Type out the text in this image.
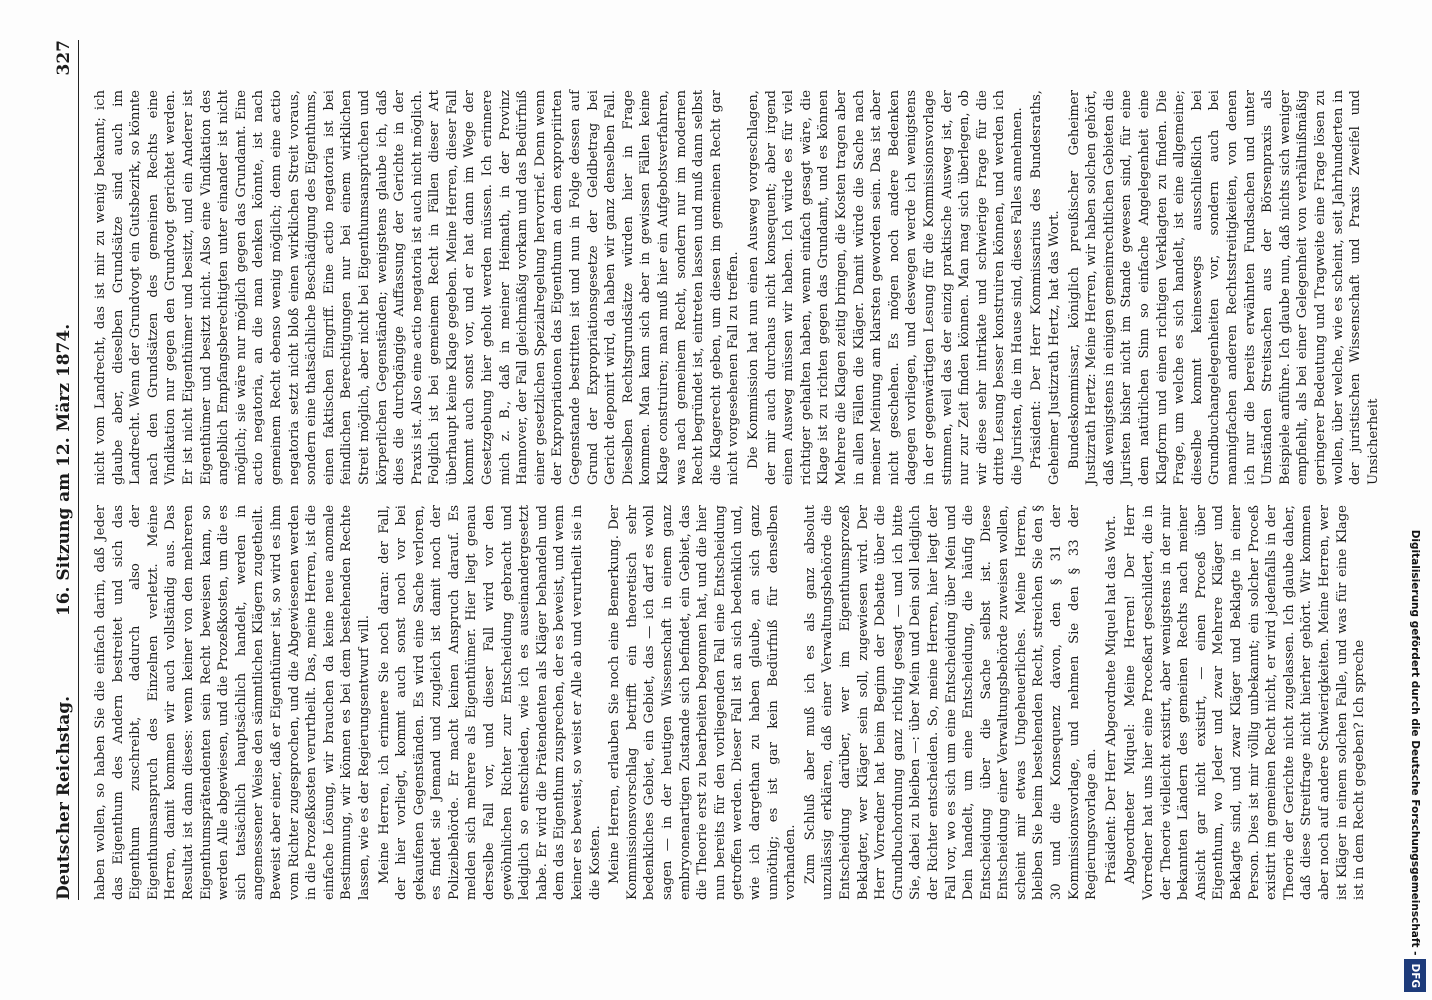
Deutscher Reichstag.
16. Sitzung am 12. März 1874.
327

haben wollen, so haben Sie die einfach darin, daß Jeder das Eigenthum des Andern bestreitet und sich das Eigenthum zuschreibt, dadurch also der Eigenthumsanspruch des Einzelnen verletzt. Meine Herren, damit kommen wir auch vollständig aus. Das Resultat ist dann dieses: wenn keiner von den mehreren Eigenthumsprätendenten sein Recht beweisen kann, so werden Alle abgewiesen, und die Prozeßkosten, um die es sich tatsächlich hauptsächlich handelt, werden in angemessener Weise den sämmtlichen Klägern zugetheilt. Beweist aber einer, daß er Eigenthümer ist, so wird es ihm vom Richter zugesprochen, und die Abgewiesenen werden in die Prozeßkosten verurtheilt. Das, meine Herren, ist die einfache Lösung, wir brauchen da keine neue anomale Bestimmung, wir können es bei dem bestehenden Rechte lassen, wie es der Regierungsentwurf will. Meine Herren, ich erinnere Sie noch daran: der Fall, der hier vorliegt, kommt auch sonst noch vor bei gekaufenen Gegenständen. Es wird eine Sache verloren, es findet sie Jemand und zugleich ist damit noch der Polizeibehörde. Er macht keinen Anspruch darauf. Es melden sich mehrere als Eigenthümer. Hier liegt genau derselbe Fall vor, und dieser Fall wird vor den gewöhnlichen Richter zur Entscheidung gebracht und lediglich so entschieden, wie ich es auseinandergesetzt habe. Er wird die Prätendenten als Kläger behandeln und dem das Eigenthum zusprechen, der es beweist, und wenn keiner es beweist, so weist er Alle ab und verurtheilt sie in die Kosten. Meine Herren, erlauben Sie noch eine Bemerkung. Der Kommissionsvorschlag betrifft ein theoretisch sehr bedenkliches Gebiet, ein Gebiet, das — ich darf es wohl sagen — in der heutigen Wissenschaft in einem ganz embryonenartigen Zustande sich befindet, ein Gebiet, das die Theorie erst zu bearbeiten begonnen hat, und die hier nun bereits für den vorliegenden Fall eine Entscheidung getroffen werden. Dieser Fall ist an sich bedenklich und, wie ich dargethan zu haben glaube, an sich ganz unnöthig; es ist gar kein Bedürfniß für denselben vorhanden. Zum Schluß aber muß ich es als ganz absolut unzulässig erklären, daß einer Verwaltungsbehörde die Entscheidung darüber, wer im Eigenthumsprozeß Beklagter, wer Kläger sein soll, zugewiesen wird. Der Herr Vorredner hat beim Beginn der Debatte über die Grundbuchordnung ganz richtig gesagt — und ich bitte Sie, dabei zu bleiben —: über Mein und Dein soll lediglich der Richter entscheiden. So, meine Herren, hier liegt der Fall vor, wo es sich um eine Entscheidung über Mein und Dein handelt, um eine Entscheidung, die häufig die Entscheidung über die Sache selbst ist. Diese Entscheidung einer Verwaltungsbehörde zuweisen wollen, scheint mir etwas Ungeheuerliches. Meine Herren, bleiben Sie beim bestehenden Recht, streichen Sie den § 30 und die Konsequenz davon, den § 31 der Kommissionsvorlage, und nehmen Sie den § 33 der Regierungsvorlage an. Präsident: Der Herr Abgeordnete Miquel hat das Wort. Abgeordneter Miquel: Meine Herren! Der Herr Vorredner hat uns hier eine Proceßart geschildert, die in der Theorie vielleicht existirt, aber wenigstens in der mir bekannten Ländern des gemeinen Rechts nach meiner Ansicht gar nicht existirt, — einen Proceß über Eigenthum, wo Jeder und zwar Mehrere Kläger und Beklagte sind, und zwar Kläger und Beklagte in einer Person. Dies ist mir völlig unbekannt; ein solcher Proceß existirt im gemeinen Recht nicht, er wird jedenfalls in der Theorie der Gerichte nicht zugelassen. Ich glaube daher, daß diese Streitfrage nicht hierher gehört. Wir kommen aber noch auf andere Schwierigkeiten. Meine Herren, wer ist Kläger in einem solchen Falle, und was für eine Klage ist in dem Recht gegeben? Ich spreche

nicht vom Landrecht, das ist mir zu wenig bekannt; ich glaube aber, dieselben Grundsätze sind auch im Landrecht. Wenn der Grundvogt ein Gutsbezirk, so könnte nach den Grundsätzen des gemeinen Rechts eine Vindikation nur gegen den Grundvogt gerichtet werden. Er ist nicht Eigenthümer und besitzt, und ein Anderer ist Eigenthümer und besitzt nicht. Also eine Vindikation des angeblich Empfangsberechtigten unter einander ist nicht möglich; sie wäre nur möglich gegen das Grundamt. Eine actio negatoria, an die man denken könnte, ist nach gemeinem Recht ebenso wenig möglich; denn eine actio negatoria setzt nicht bloß einen wirklichen Streit voraus, sondern eine thatsächliche Beschädigung des Eigenthums, einen faktischen Eingriff. Eine actio negatoria ist bei feindlichen Berechtigungen nur bei einem wirklichen Streit möglich, aber nicht bei Eigenthumsansprüchen und körperlichen Gegenständen; wenigstens glaube ich, daß dies die durchgängige Auffassung der Gerichte in der Praxis ist. Also eine actio negatoria ist auch nicht möglich. Folglich ist bei gemeinem Recht in Fällen dieser Art überhaupt keine Klage gegeben. Meine Herren, dieser Fall kommt auch sonst vor, und er hat dann im Wege der Gesetzgebung hier geholt werden müssen. Ich erinnere mich z. B., daß in meiner Heimath, in der Provinz Hannover, der Fall gleichmäßig vorkam und das Bedürfniß einer gesetzlichen Spezialregelung hervorrief. Denn wenn der Expropriationen das Eigenthum an dem expropriirten Gegenstande bestritten ist und nun in Folge dessen auf Grund der Expropriationsgesetze der Geldbetrag bei Gericht deponirt wird, da haben wir ganz denselben Fall. Dieselben Rechtsgrundsätze würden hier in Frage kommen. Man kann sich aber in gewissen Fällen keine Klage construiren; man muß hier ein Aufgebotsverfahren, was nach gemeinem Recht, sondern nur im modernen Recht begründet ist, eintreten lassen und muß dann selbst die Klagerecht geben, um diesen im gemeinen Recht gar nicht vorgesehenen Fall zu treffen. Die Kommission hat nun einen Ausweg vorgeschlagen, der mir auch durchaus nicht konsequent; aber irgend einen Ausweg müssen wir haben. Ich würde es für viel richtiger gehalten haben, wenn einfach gesagt wäre, die Klage ist zu richten gegen das Grundamt, und es können Mehrere die Klagen zeitig bringen, die Kosten tragen aber in allen Fällen die Kläger. Damit würde die Sache nach meiner Meinung am klarsten geworden sein. Das ist aber nicht geschehen. Es mögen noch andere Bedenken dagegen vorliegen, und deswegen werde ich wenigstens in der gegenwärtigen Lesung für die Kommissionsvorlage stimmen, weil das der einzig praktische Ausweg ist, der nur zur Zeit finden können. Man mag sich überlegen, ob wir diese sehr intrikate und schwierige Frage für die dritte Lesung besser konstruiren können, und werden ich die Juristen, die im Hause sind, dieses Falles annehmen. Präsident: Der Herr Kommissarius des Bundesraths, Geheimer Justizrath Hertz, hat das Wort. Bundeskommissar, königlich preußischer Geheimer Justizrath Hertz: Meine Herren, wir haben solchen gehört, daß wenigstens in einigen gemeinrechtlichen Gebieten die Juristen bisher nicht im Stande gewesen sind, für eine dem natürlichen Sinn so einfache Angelegenheit eine Klagform und einen richtigen Verklagten zu finden. Die Frage, um welche es sich handelt, ist eine allgemeine; dieselbe kommt keineswegs ausschließlich bei Grundbuchangelegenheiten vor, sondern auch bei mannigfachen anderen Rechtsstreitigkeiten, von denen ich nur die bereits erwähnten Fundsachen und unter Umständen Streitsachen aus der Börsenpraxis als Beispiele anführe. Ich glaube nun, daß nichts sich weniger empfiehlt, als bei einer Gelegenheit von verhältnißmäßig geringerer Bedeutung und Tragweite eine Frage lösen zu wollen, über welche, wie es scheint, seit Jahrhunderten in der juristischen Wissenschaft und Praxis Zweifel und Unsicherheit

Digitalisierung gefördert durch die Deutsche Forschungsgemeinschaft -DFG
